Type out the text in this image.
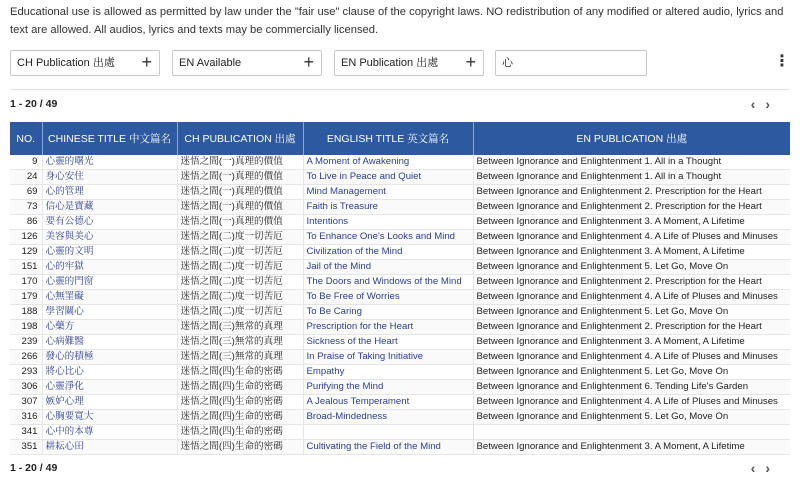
Educational use is allowed as permitted by law under the "fair use" clause of the copyright laws. NO redistribution of any modified or altered audio, lyrics and text are allowed. All audios, lyrics and texts may be commercially licensed.
CH Publication 出處 +	EN Available	+	EN Publication 出處 +	心	⋮
1 - 20 / 49	‹›
NO.	CHINESE TITLE 中文篇名	CH PUBLICATION 出處	ENGLISH TITLE 英文篇名	EN PUBLICATION 出處
9	心靈的曙光	迷悟之間(一)真理的價值	A Moment of Awakening	Between Ignorance and Enlightenment 1. All in a Thought
24	身心安住	迷悟之間(一)真理的價值	To Live in Peace and Quiet	Between Ignorance and Enlightenment 1. All in a Thought
69	心的管理	迷悟之間(一)真理的價值	Mind Management	Between Ignorance and Enlightenment 2. Prescription for the Heart
73	信心是寶藏	迷悟之間(一)真理的價值	Faith is Treasure	Between Ignorance and Enlightenment 2. Prescription for the Heart
86	要有公德心	迷悟之間(一)真理的價值	Intentions	Between Ignorance and Enlightenment 3. A Moment, A Lifetime
126	美容與美心	迷悟之間(二)度一切苦厄	To Enhance One's Looks and Mind	Between Ignorance and Enlightenment 4. A Life of Pluses and Minuses
129	心靈的文明	迷悟之間(二)度一切苦厄	Civilization of the Mind	Between Ignorance and Enlightenment 3. A Moment, A Lifetime
151	心的牢獄	迷悟之間(二)度一切苦厄	Jail of the Mind	Between Ignorance and Enlightenment 5. Let Go, Move On
170	心靈的門窗	迷悟之間(二)度一切苦厄	The Doors and Windows of the Mind	Between Ignorance and Enlightenment 2. Prescription for the Heart
179	心無罣礙	迷悟之間(二)度一切苦厄	To Be Free of Worries	Between Ignorance and Enlightenment 4. A Life of Pluses and Minuses
188	學習關心	迷悟之間(二)度一切苦厄	To Be Caring	Between Ignorance and Enlightenment 5. Let Go, Move On
198	心藥方	迷悟之間(三)無常的真理	Prescription for the Heart	Between Ignorance and Enlightenment 2. Prescription for the Heart
239	心病難醫	迷悟之間(三)無常的真理	Sickness of the Heart	Between Ignorance and Enlightenment 3. A Moment, A Lifetime
266	發心的積極	迷悟之間(三)無常的真理	In Praise of Taking Initiative	Between Ignorance and Enlightenment 4. A Life of Pluses and Minuses
293	將心比心	迷悟之間(四)生命的密碼	Empathy	Between Ignorance and Enlightenment 5. Let Go, Move On
306	心靈淨化	迷悟之間(四)生命的密碼	Purifying the Mind	Between Ignorance and Enlightenment 6. Tending Life's Garden
307	嫉妒心理	迷悟之間(四)生命的密碼	A Jealous Temperament	Between Ignorance and Enlightenment 4. A Life of Pluses and Minuses
316	心胸要寬大	迷悟之間(四)生命的密碼	Broad-Mindedness	Between Ignorance and Enlightenment 5. Let Go, Move On
341	心中的本尊	迷悟之間(四)生命的密碼		
351	耕耘心田	迷悟之間(四)生命的密碼	Cultivating the Field of the Mind	Between Ignorance and Enlightenment 3. A Moment, A Lifetime
1 - 20 / 49	‹›
